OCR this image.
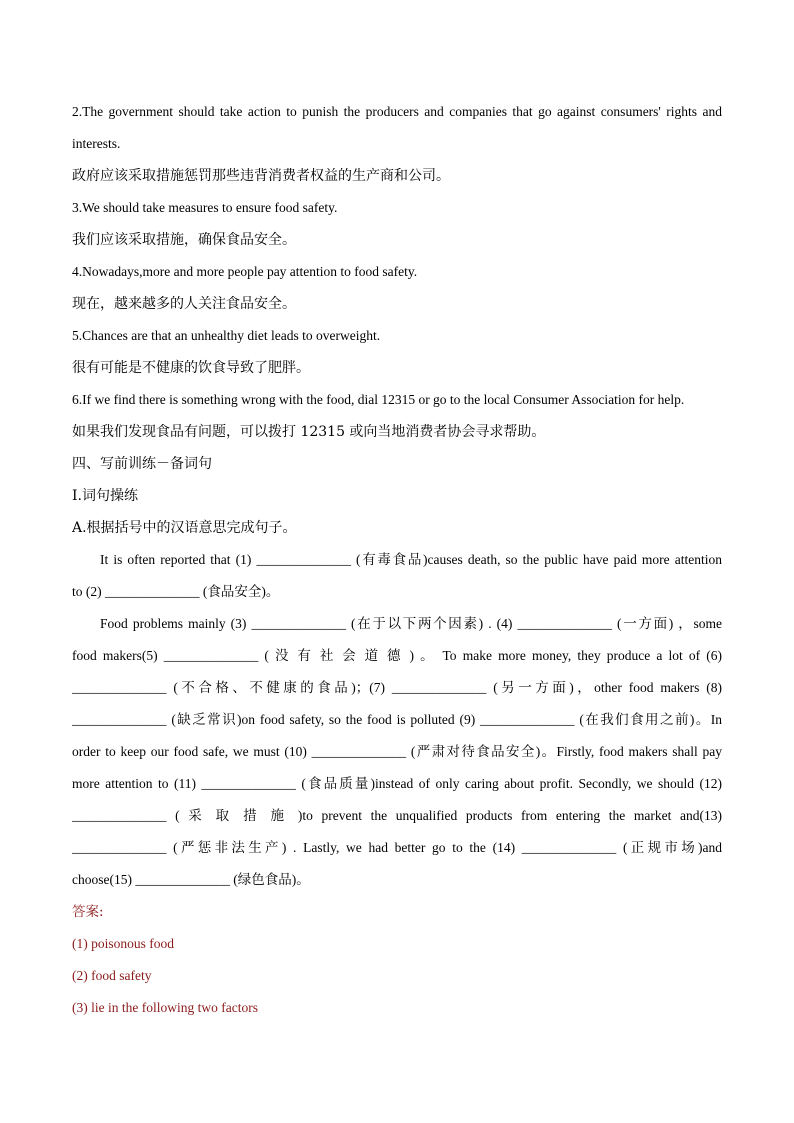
2.The government should take action to punish the producers and companies that go against consumers' rights and
interests.
政府应该采取措施惩罚那些违背消费者权益的生产商和公司。
3.We should take measures to ensure food safety.
我们应该采取措施，确保食品安全。
4.Nowadays,more and more people pay attention to food safety.
现在，越来越多的人关注食品安全。
5.Chances are that an unhealthy diet leads to overweight.
很有可能是不健康的饮食导致了肥胖。
6.If we find there is something wrong with the food, dial 12315 or go to the local Consumer Association for help.
如果我们发现食品有问题，可以拨打 12315 或向当地消费者协会寻求帮助。
四、写前训练－备词句
I.词句操练
A.根据括号中的汉语意思完成句子。
It is often reported that (1) ______________ (有毒食品)causes death, so the public have paid more attention
to (2) ______________ (食品安全)。
Food problems mainly (3) ______________ (在于以下两个因素) . (4) ______________ (一方面) ，some
food makers(5) ______________ ( 没 有 社 会 道 德 ) 。 To make more money, they produce a lot of (6)
______________ (不合格、不健康的食品)；(7) ______________ (另一方面)，other food makers (8)
______________ (缺乏常识)on food safety, so the food is polluted (9) ______________ (在我们食用之前)。In
order to keep our food safe, we must (10) ______________ (严肃对待食品安全)。Firstly, food makers shall pay
more attention to (11) ______________ (食品质量)instead of only caring about profit. Secondly, we should (12)
______________ ( 采 取 措 施 )to prevent the unqualified products from entering the market and(13)
______________ (严惩非法生产) . Lastly, we had better go to the (14) ______________ (正规市场)and
choose(15) ______________ (绿色食品)。
答案:
(1) poisonous food
(2) food safety
(3) lie in the following two factors
